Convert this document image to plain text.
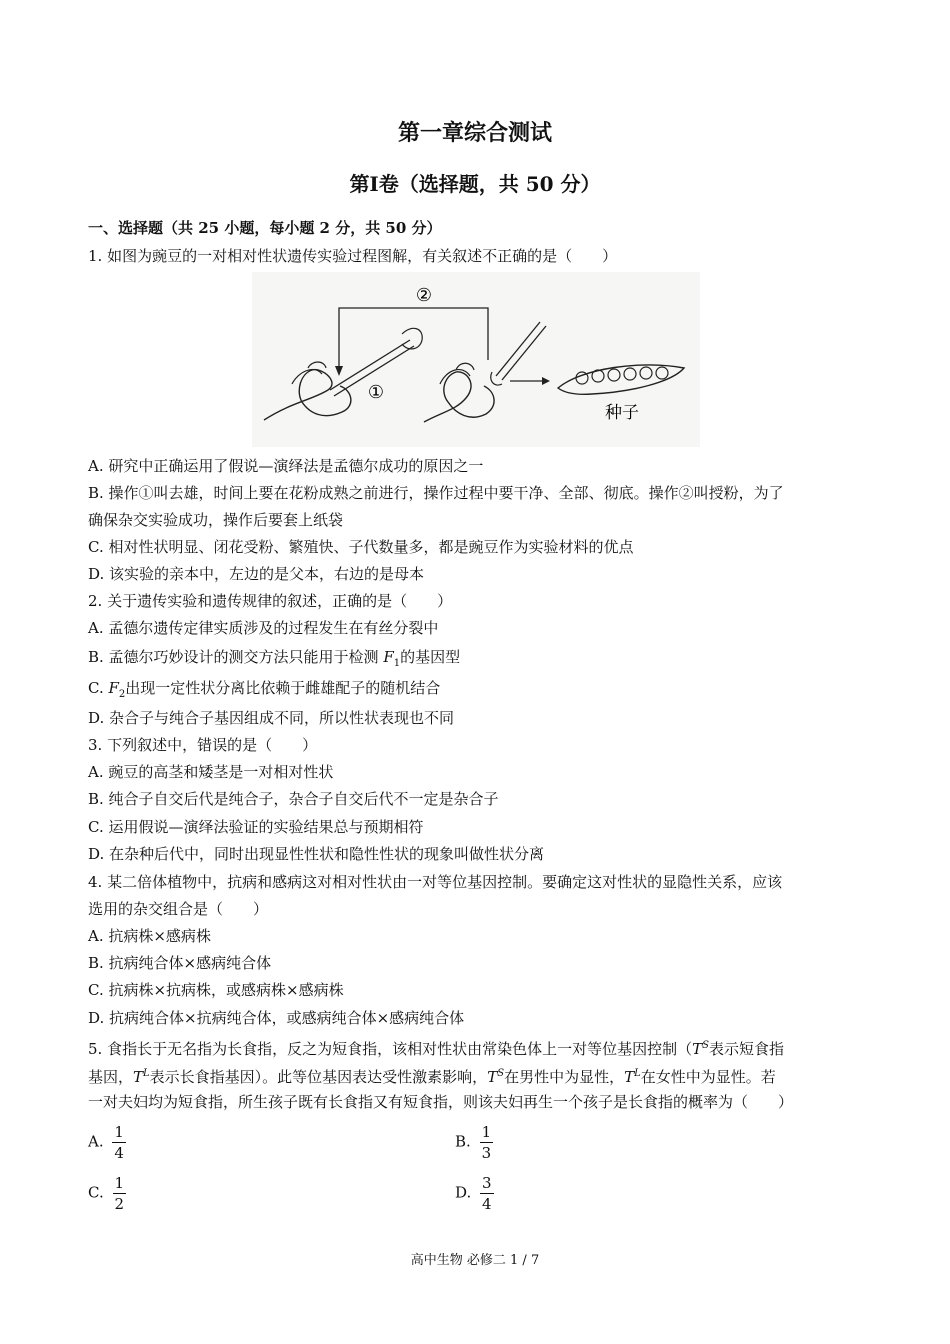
第一章综合测试
第Ⅰ卷（选择题，共 50 分）
一、选择题（共 25 小题，每小题 2 分，共 50 分）
1. 如图为豌豆的一对相对性状遗传实验过程图解，有关叙述不正确的是（　　）
②
①
种子
A. 研究中正确运用了假说—演绎法是孟德尔成功的原因之一
B. 操作①叫去雄，时间上要在花粉成熟之前进行，操作过程中要干净、全部、彻底。操作②叫授粉，为了
确保杂交实验成功，操作后要套上纸袋
C. 相对性状明显、闭花受粉、繁殖快、子代数量多，都是豌豆作为实验材料的优点
D. 该实验的亲本中，左边的是父本，右边的是母本
2. 关于遗传实验和遗传规律的叙述，正确的是（　　）
A. 孟德尔遗传定律实质涉及的过程发生在有丝分裂中
B. 孟德尔巧妙设计的测交方法只能用于检测 $F_1$的基因型
C. $F_2$出现一定性状分离比依赖于雌雄配子的随机结合
D. 杂合子与纯合子基因组成不同，所以性状表现也不同
3. 下列叙述中，错误的是（　　）
A. 豌豆的高茎和矮茎是一对相对性状
B. 纯合子自交后代是纯合子，杂合子自交后代不一定是杂合子
C. 运用假说—演绎法验证的实验结果总与预期相符
D. 在杂种后代中，同时出现显性性状和隐性性状的现象叫做性状分离
4. 某二倍体植物中，抗病和感病这对相对性状由一对等位基因控制。要确定这对性状的显隐性关系，应该
选用的杂交组合是（　　）
A. 抗病株×感病株
B. 抗病纯合体×感病纯合体
C. 抗病株×抗病株，或感病株×感病株
D. 抗病纯合体×抗病纯合体，或感病纯合体×感病纯合体
5. 食指长于无名指为长食指，反之为短食指，该相对性状由常染色体上一对等位基因控制（$T^S$表示短食指
基因，$T^L$表示长食指基因）。此等位基因表达受性激素影响，$T^S$在男性中为显性，$T^L$在女性中为显性。若
一对夫妇均为短食指，所生孩子既有长食指又有短食指，则该夫妇再生一个孩子是长食指的概率为（　　）
A. $\frac{1}{4}$	B. $\frac{1}{3}$
C. $\frac{1}{2}$	D. $\frac{3}{4}$
高中生物 必修二 1 / 7
